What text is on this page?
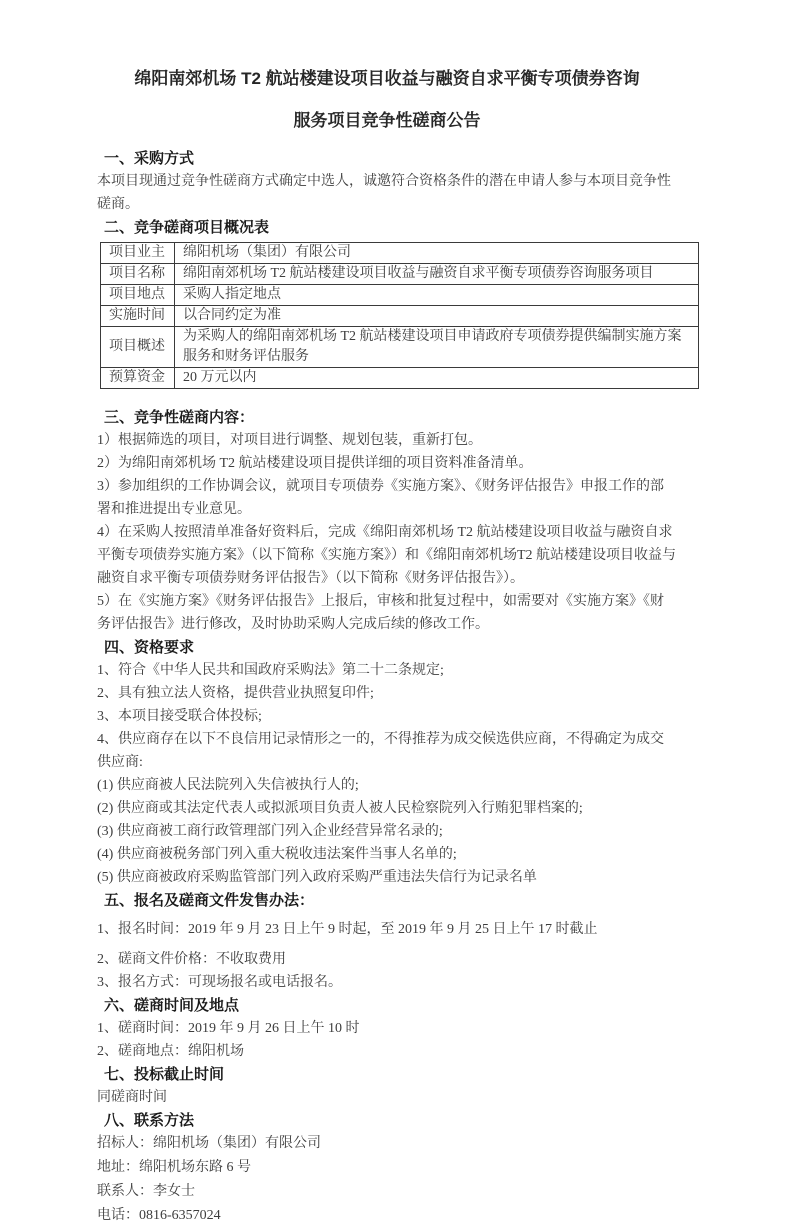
绵阳南郊机场 T2 航站楼建设项目收益与融资自求平衡专项债券咨询
服务项目竞争性磋商公告
一、采购方式

本项目现通过竞争性磋商方式确定中选人，诚邀符合资格条件的潜在申请人参与本项目竞争性磋商。

二、竞争磋商项目概况表
项目业主	绵阳机场（集团）有限公司
项目名称	绵阳南郊机场 T2 航站楼建设项目收益与融资自求平衡专项债券咨询服务项目
项目地点	采购人指定地点
实施时间	以合同约定为准
项目概述	为采购人的绵阳南郊机场 T2 航站楼建设项目申请政府专项债券提供编制实施方案服务和财务评估服务
预算资金	20 万元以内
三、竞争性磋商内容：

1）根据筛选的项目，对项目进行调整、规划包装，重新打包。

2）为绵阳南郊机场 T2 航站楼建设项目提供详细的项目资料准备清单。

3）参加组织的工作协调会议，就项目专项债券《实施方案》、《财务评估报告》申报工作的部署和推进提出专业意见。

4）在采购人按照清单准备好资料后，完成《绵阳南郊机场 T2 航站楼建设项目收益与融资自求平衡专项债券实施方案》（以下简称《实施方案》）和《绵阳南郊机场T2 航站楼建设项目收益与融资自求平衡专项债券财务评估报告》（以下简称《财务评估报告》）。

5）在《实施方案》《财务评估报告》上报后，审核和批复过程中，如需要对《实施方案》《财务评估报告》进行修改，及时协助采购人完成后续的修改工作。

四、资格要求

1、符合《中华人民共和国政府采购法》第二十二条规定;

2、具有独立法人资格，提供营业执照复印件;

3、本项目接受联合体投标;

4、供应商存在以下不良信用记录情形之一的，不得推荐为成交候选供应商，不得确定为成交供应商:

(1) 供应商被人民法院列入失信被执行人的;

(2) 供应商或其法定代表人或拟派项目负责人被人民检察院列入行贿犯罪档案的;

(3) 供应商被工商行政管理部门列入企业经营异常名录的;

(4) 供应商被税务部门列入重大税收违法案件当事人名单的;

(5) 供应商被政府采购监管部门列入政府采购严重违法失信行为记录名单

五、报名及磋商文件发售办法：

1、报名时间：2019 年 9 月 23 日上午 9 时起，至 2019 年 9 月 25 日上午 17 时截止

2、磋商文件价格：不收取费用

3、报名方式：可现场报名或电话报名。

六、磋商时间及地点

1、磋商时间：2019 年 9 月 26 日上午 10 时

2、磋商地点：绵阳机场

七、投标截止时间

同磋商时间

八、联系方法

招标人：绵阳机场（集团）有限公司

地址：绵阳机场东路 6 号

联系人：李女士

电话：0816-6357024
